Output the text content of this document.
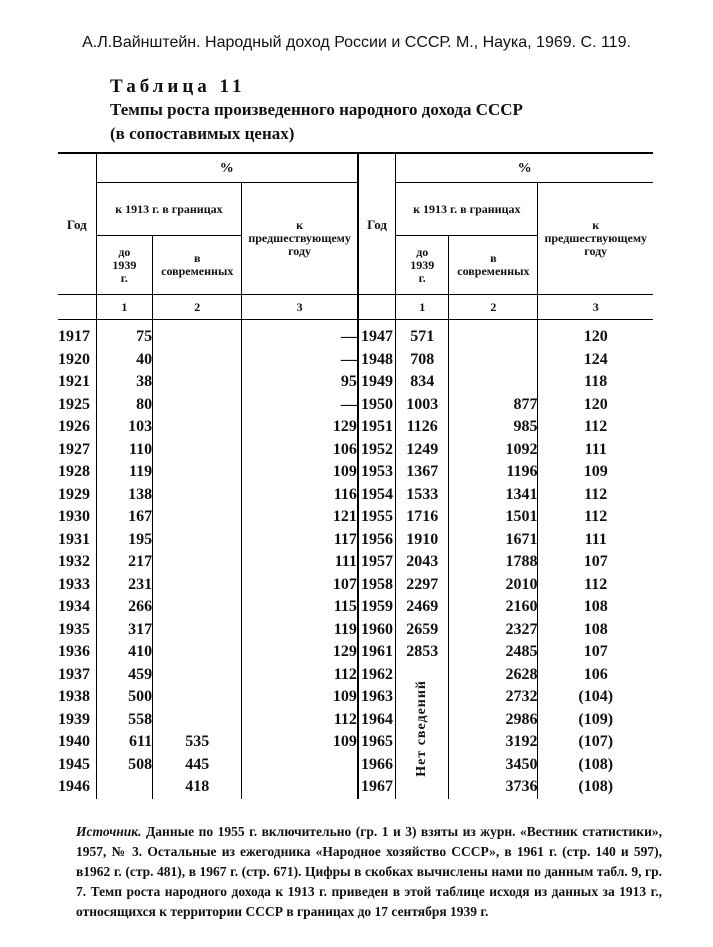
А.Л.Вайнштейн. Народный доход России и СССР. М., Наука, 1969. С. 119.
Таблица 11
Темпы роста произведенного народного дохода СССР
(в сопоставимых ценах)
Год	%			Год	%		
	к 1913 г. в границах		к предшествующему году		к 1913 г. в границах		к предшествующему году
	до 1939 г.	в современных			до 1939 г.	в современных	
	1	2	3		1	2	3
1917	75		—	1947	571		120
1920	40		—	1948	708		124
1921	38		95	1949	834		118
1925	80		—	1950	1003	877	120
1926	103		129	1951	1126	985	112
1927	110		106	1952	1249	1092	111
1928	119		109	1953	1367	1196	109
1929	138		116	1954	1533	1341	112
1930	167		121	1955	1716	1501	112
1931	195		117	1956	1910	1671	111
1932	217		111	1957	2043	1788	107
1933	231		107	1958	2297	2010	112
1934	266		115	1959	2469	2160	108
1935	317		119	1960	2659	2327	108
1936	410		129	1961	2853	2485	107
1937	459		112	1962	Нет сведений	2628	106
1938	500		109	1963		2732	(104)
1939	558		112	1964		2986	(109)
1940	611	535	109	1965		3192	(107)
1945	508	445		1966		3450	(108)
1946		418		1967		3736	(108)
Источник. Данные по 1955 г. включительно (гр. 1 и 3) взяты из журн. «Вестник статистики», 1957, № 3. Остальные из ежегодника «Народное хозяйство СССР», в 1961 г. (стр. 140 и 597), в1962 г. (стр. 481), в 1967 г. (стр. 671). Цифры в скобках вычислены нами по данным табл. 9, гр. 7. Темп роста народного дохода к 1913 г. приведен в этой таблице исходя из данных за 1913 г., относящихся к территории СССР в границах до 17 сентября 1939 г.
